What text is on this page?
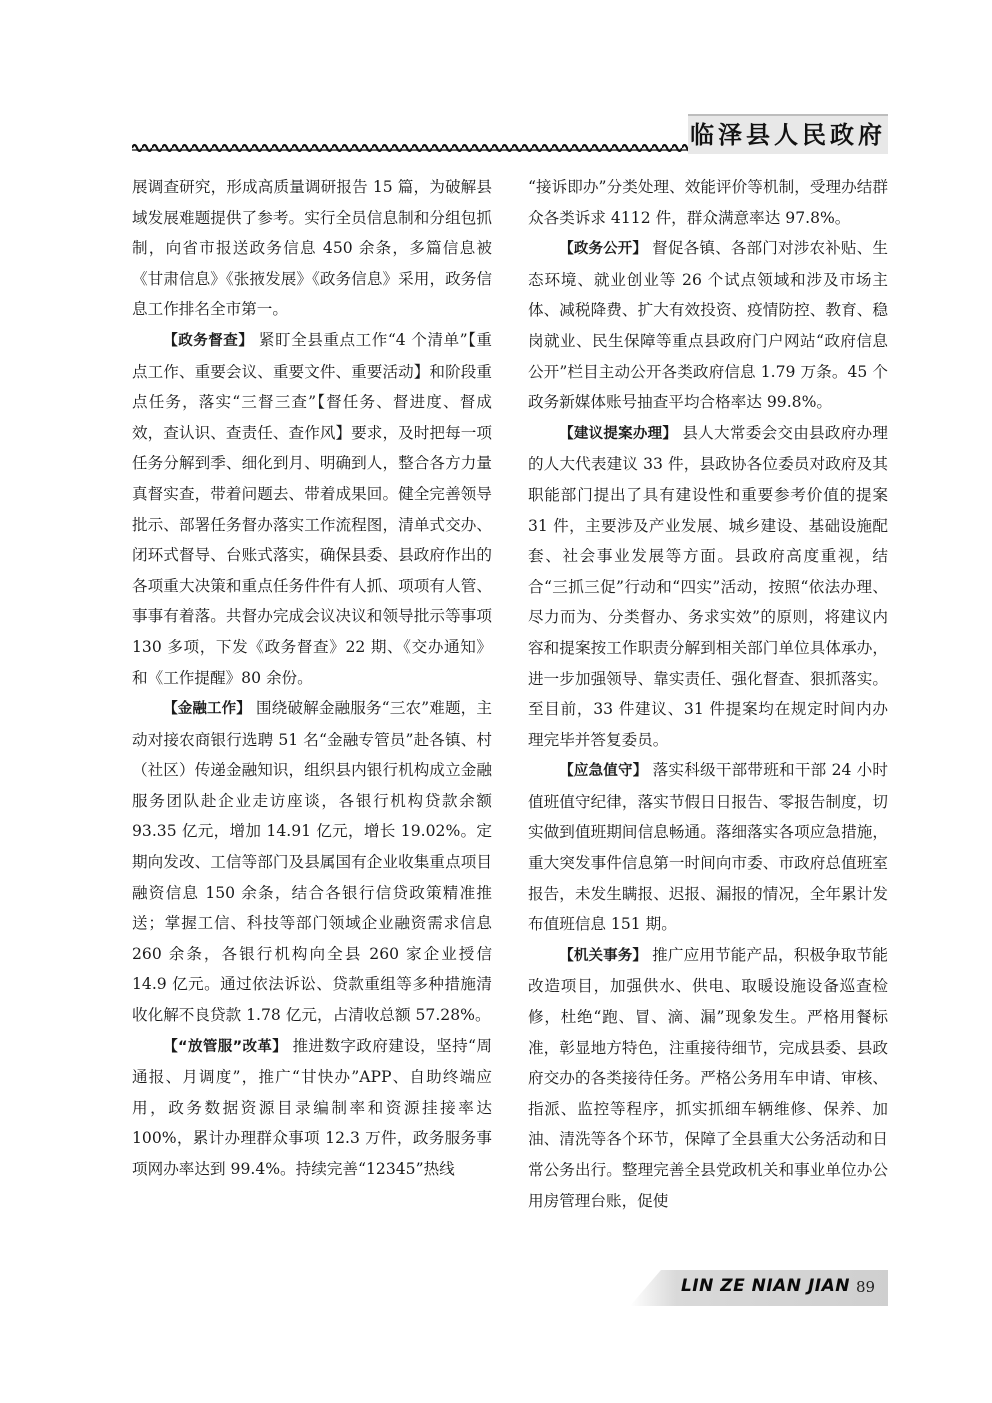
临泽县人民政府

展调查研究，形成高质量调研报告 15 篇，为破解县域发展难题提供了参考。实行全员信息制和分组包抓制，向省市报送政务信息 450 余条，多篇信息被《甘肃信息》《张掖发展》《政务信息》采用，政务信息工作排名全市第一。

【政务督查】 紧盯全县重点工作“4 个清单”【重点工作、重要会议、重要文件、重要活动】和阶段重点任务，落实“三督三查”【督任务、督进度、督成效，查认识、查责任、查作风】要求，及时把每一项任务分解到季、细化到月、明确到人，整合各方力量真督实查，带着问题去、带着成果回。健全完善领导批示、部署任务督办落实工作流程图，清单式交办、闭环式督导、台账式落实，确保县委、县政府作出的各项重大决策和重点任务件件有人抓、项项有人管、事事有着落。共督办完成会议决议和领导批示等事项 130 多项，下发《政务督查》22 期、《交办通知》和《工作提醒》80 余份。

【金融工作】 围绕破解金融服务“三农”难题，主动对接农商银行选聘 51 名“金融专管员”赴各镇、村（社区）传递金融知识，组织县内银行机构成立金融服务团队赴企业走访座谈，各银行机构贷款余额 93.35 亿元，增加 14.91 亿元，增长 19.02%。定期向发改、工信等部门及县属国有企业收集重点项目融资信息 150 余条，结合各银行信贷政策精准推送；掌握工信、科技等部门领域企业融资需求信息 260 余条，各银行机构向全县 260 家企业授信 14.9 亿元。通过依法诉讼、贷款重组等多种措施清收化解不良贷款 1.78 亿元，占清收总额 57.28%。

【“放管服”改革】 推进数字政府建设，坚持“周通报、月调度”，推广“甘快办”APP、自助终端应用，政务数据资源目录编制率和资源挂接率达 100%，累计办理群众事项 12.3 万件，政务服务事项网办率达到 99.4%。持续完善“12345”热线

“接诉即办”分类处理、效能评价等机制，受理办结群众各类诉求 4112 件，群众满意率达 97.8%。

【政务公开】 督促各镇、各部门对涉农补贴、生态环境、就业创业等 26 个试点领域和涉及市场主体、减税降费、扩大有效投资、疫情防控、教育、稳岗就业、民生保障等重点县政府门户网站“政府信息公开”栏目主动公开各类政府信息 1.79 万条。45 个政务新媒体账号抽查平均合格率达 99.8%。

【建议提案办理】 县人大常委会交由县政府办理的人大代表建议 33 件，县政协各位委员对政府及其职能部门提出了具有建设性和重要参考价值的提案 31 件，主要涉及产业发展、城乡建设、基础设施配套、社会事业发展等方面。县政府高度重视，结合“三抓三促”行动和“四实”活动，按照“依法办理、尽力而为、分类督办、务求实效”的原则，将建议内容和提案按工作职责分解到相关部门单位具体承办，进一步加强领导、靠实责任、强化督查、狠抓落实。至目前，33 件建议、31 件提案均在规定时间内办理完毕并答复委员。

【应急值守】 落实科级干部带班和干部 24 小时值班值守纪律，落实节假日日报告、零报告制度，切实做到值班期间信息畅通。落细落实各项应急措施，重大突发事件信息第一时间向市委、市政府总值班室报告，未发生瞒报、迟报、漏报的情况，全年累计发布值班信息 151 期。

【机关事务】 推广应用节能产品，积极争取节能改造项目，加强供水、供电、取暖设施设备巡查检修，杜绝“跑、冒、滴、漏”现象发生。严格用餐标准，彰显地方特色，注重接待细节，完成县委、县政府交办的各类接待任务。严格公务用车申请、审核、指派、监控等程序，抓实抓细车辆维修、保养、加油、清洗等各个环节，保障了全县重大公务活动和日常公务出行。整理完善全县党政机关和事业单位办公用房管理台账，促使

LIN ZE NIAN JIAN 89
